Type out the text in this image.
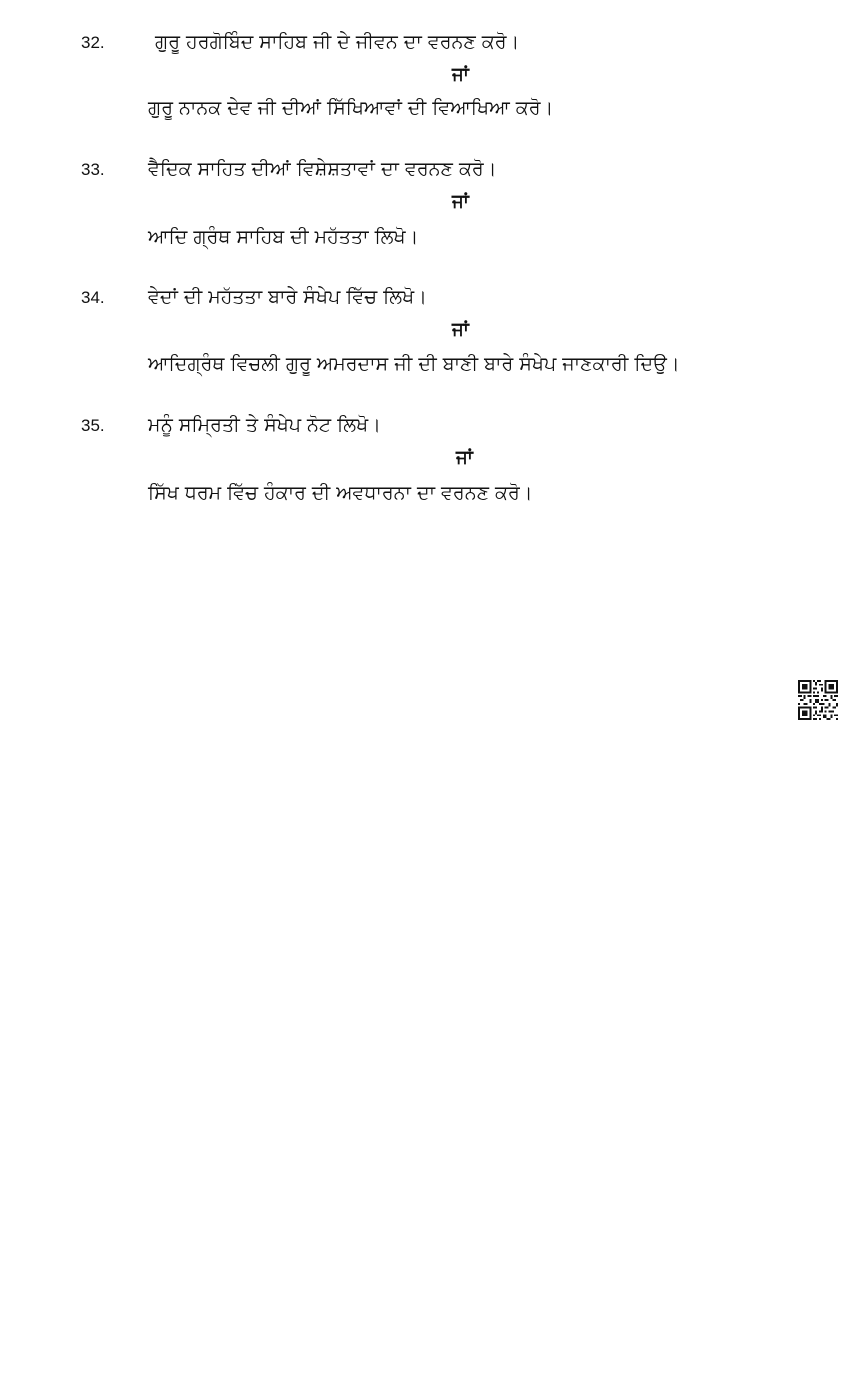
32.	ਗੁਰੂ ਹਰਗੋਬਿੰਦ ਸਾਹਿਬ ਜੀ ਦੇ ਜੀਵਨ ਦਾ ਵਰਨਣ ਕਰੋ।
ਜਾਂ
ਗੁਰੂ ਨਾਨਕ ਦੇਵ ਜੀ ਦੀਆਂ ਸਿੱਖਿਆਵਾਂ ਦੀ ਵਿਆਖਿਆ ਕਰੋ।
33. ਵੈਦਿਕ ਸਾਹਿਤ ਦੀਆਂ ਵਿਸ਼ੇਸ਼ਤਾਵਾਂ ਦਾ ਵਰਨਣ ਕਰੋ।
ਜਾਂ
ਆਦਿ ਗ੍ਰੰਥ ਸਾਹਿਬ ਦੀ ਮਹੱਤਤਾ ਲਿਖੋ।
34. ਵੇਦਾਂ ਦੀ ਮਹੱਤਤਾ ਬਾਰੇ ਸੰਖੇਪ ਵਿੱਚ ਲਿਖੋ।
ਜਾਂ
ਆਦਿਗ੍ਰੰਥ ਵਿਚਲੀ ਗੁਰੂ ਅਮਰਦਾਸ ਜੀ ਦੀ ਬਾਣੀ ਬਾਰੇ ਸੰਖੇਪ ਜਾਣਕਾਰੀ ਦਿਉ।
35. ਮਨੂੰ ਸਮ੍ਰਿਤੀ ਤੇ ਸੰਖੇਪ ਨੋਟ ਲਿਖੋ।
ਜਾਂ
ਸਿੱਖ ਧਰਮ ਵਿੱਚ ਹੰਕਾਰ ਦੀ ਅਵਧਾਰਨਾ ਦਾ ਵਰਨਣ ਕਰੋ।
